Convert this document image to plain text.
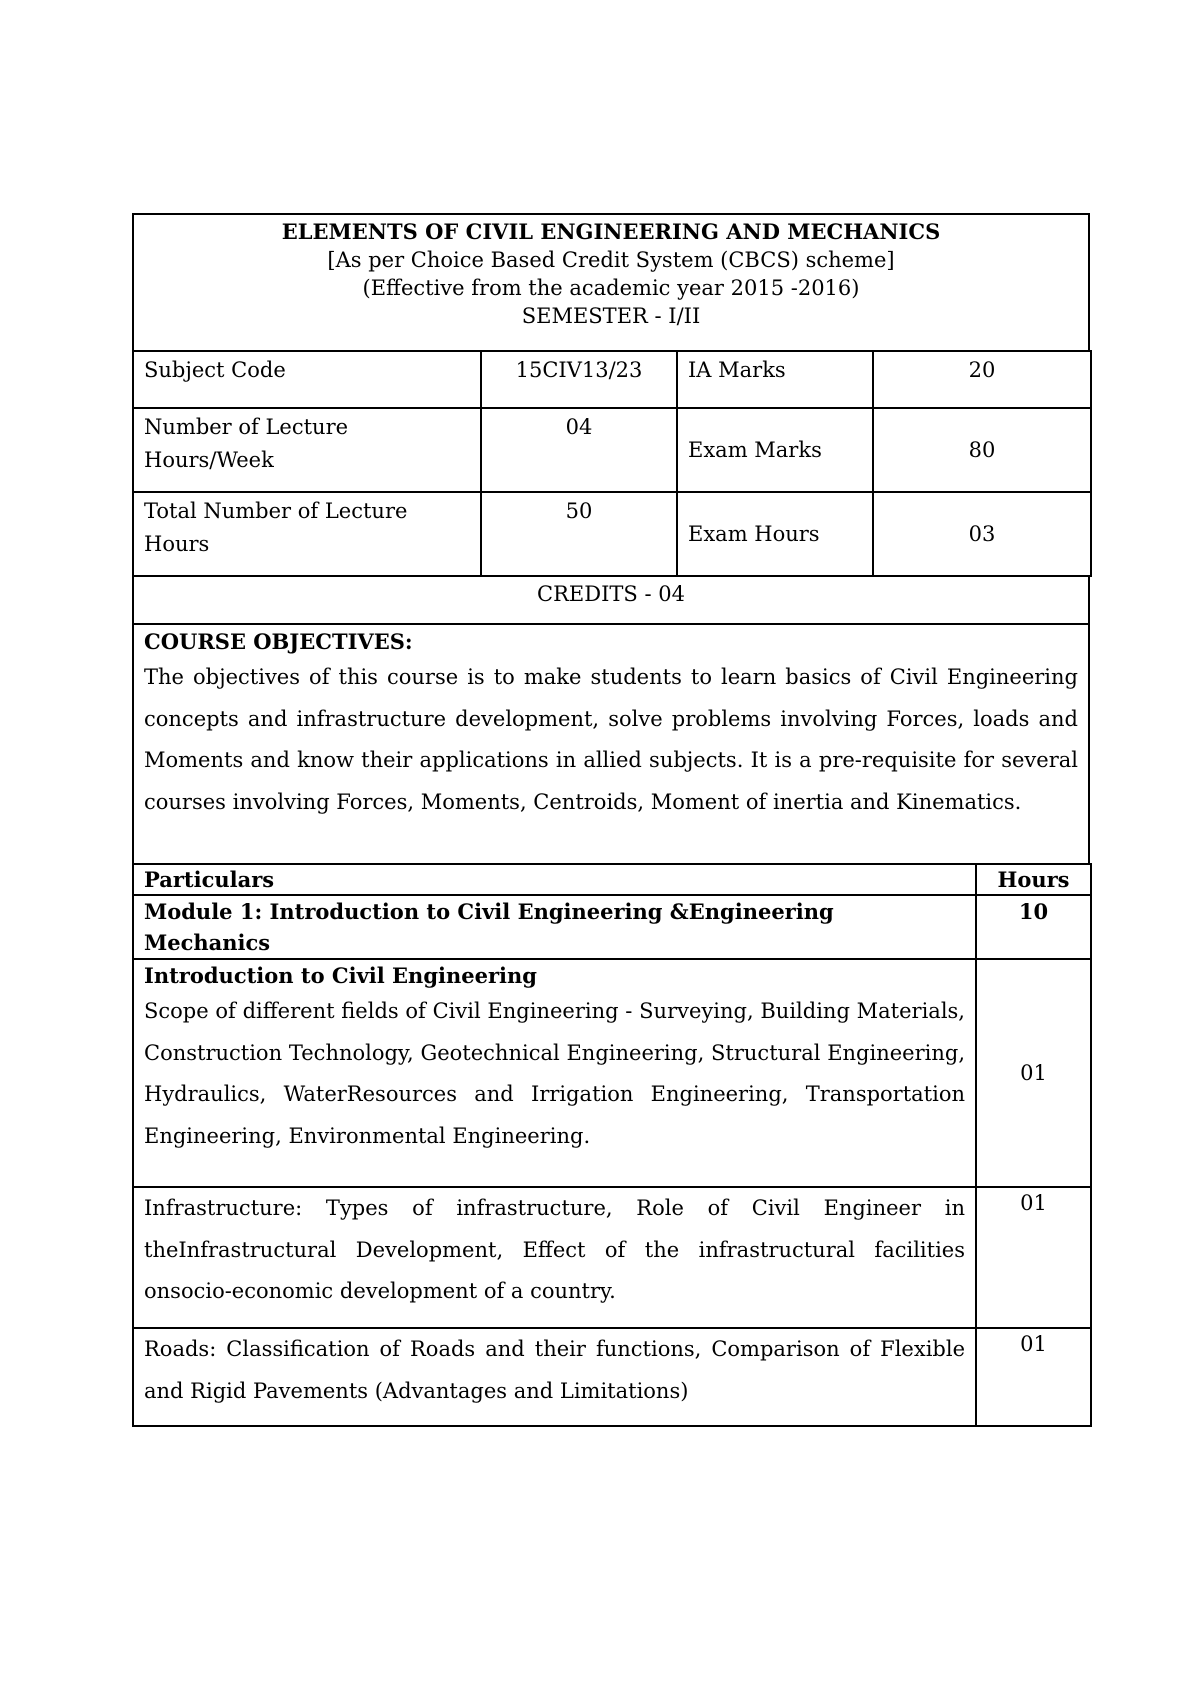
ELEMENTS OF CIVIL ENGINEERING AND MECHANICS
[As per Choice Based Credit System (CBCS) scheme]
(Effective from the academic year 2015 -2016)
SEMESTER - I/II
Subject Code	15CIV13/23	IA Marks	20
Number of Lecture Hours/Week	04	Exam Marks	80
Total Number of Lecture Hours	50	Exam Hours	03
CREDITS - 04
COURSE OBJECTIVES:
The objectives of this course is to make students to learn basics of Civil Engineering concepts and infrastructure development, solve problems involving Forces, loads and Moments and know their applications in allied subjects. It is a pre-requisite for several courses involving Forces, Moments, Centroids, Moment of inertia and Kinematics.
Particulars	Hours
Module 1: Introduction to Civil Engineering &Engineering Mechanics	10

Introduction to Civil Engineering
Scope of different fields of Civil Engineering - Surveying, Building Materials, Construction Technology, Geotechnical Engineering, Structural Engineering, Hydraulics, WaterResources and Irrigation Engineering, Transportation Engineering, Environmental Engineering.	01

Infrastructure: Types of infrastructure, Role of Civil Engineer in theInfrastructural Development, Effect of the infrastructural facilities onsocio-economic development of a country.	01

Roads: Classification of Roads and their functions, Comparison of Flexible and Rigid Pavements (Advantages and Limitations)	01
